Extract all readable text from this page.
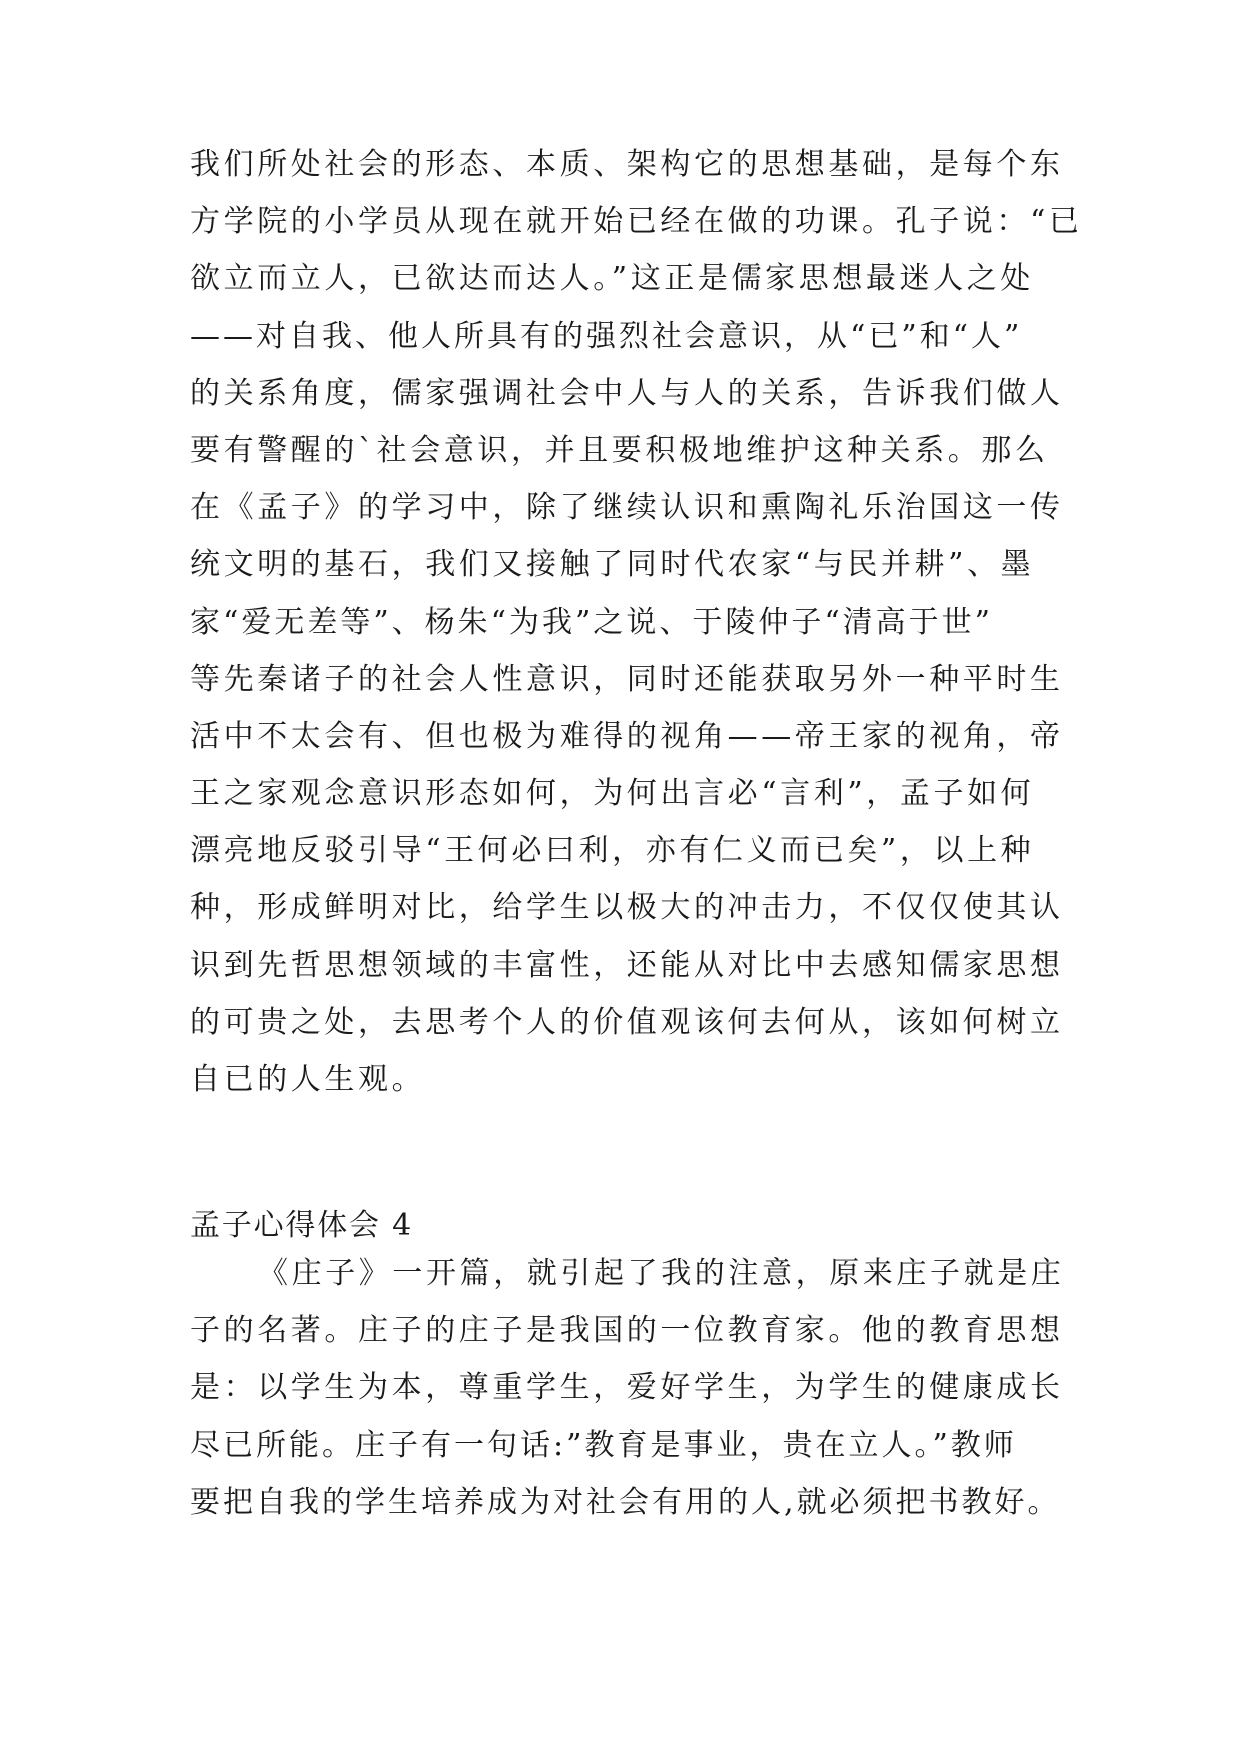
我们所处社会的形态、本质、架构它的思想基础，是每个东
方学院的小学员从现在就开始已经在做的功课。孔子说：“已
欲立而立人，已欲达而达人。”这正是儒家思想最迷人之处
——对自我、他人所具有的强烈社会意识，从“已”和“人”
的关系角度，儒家强调社会中人与人的关系，告诉我们做人
要有警醒的`社会意识，并且要积极地维护这种关系。那么
在《孟子》的学习中，除了继续认识和熏陶礼乐治国这一传
统文明的基石，我们又接触了同时代农家“与民并耕”、墨
家“爱无差等”、杨朱“为我”之说、于陵仲子“清高于世”
等先秦诸子的社会人性意识，同时还能获取另外一种平时生
活中不太会有、但也极为难得的视角——帝王家的视角，帝
王之家观念意识形态如何，为何出言必“言利”，孟子如何
漂亮地反驳引导“王何必曰利，亦有仁义而已矣”，以上种
种，形成鲜明对比，给学生以极大的冲击力，不仅仅使其认
识到先哲思想领域的丰富性，还能从对比中去感知儒家思想
的可贵之处，去思考个人的价值观该何去何从，该如何树立
自已的人生观。
孟子心得体会 4
《庄子》一开篇，就引起了我的注意，原来庄子就是庄
子的名著。庄子的庄子是我国的一位教育家。他的教育思想
是：以学生为本，尊重学生，爱好学生，为学生的健康成长
尽已所能。庄子有一句话:”教育是事业，贵在立人。”教师
要把自我的学生培养成为对社会有用的人,就必须把书教好。
